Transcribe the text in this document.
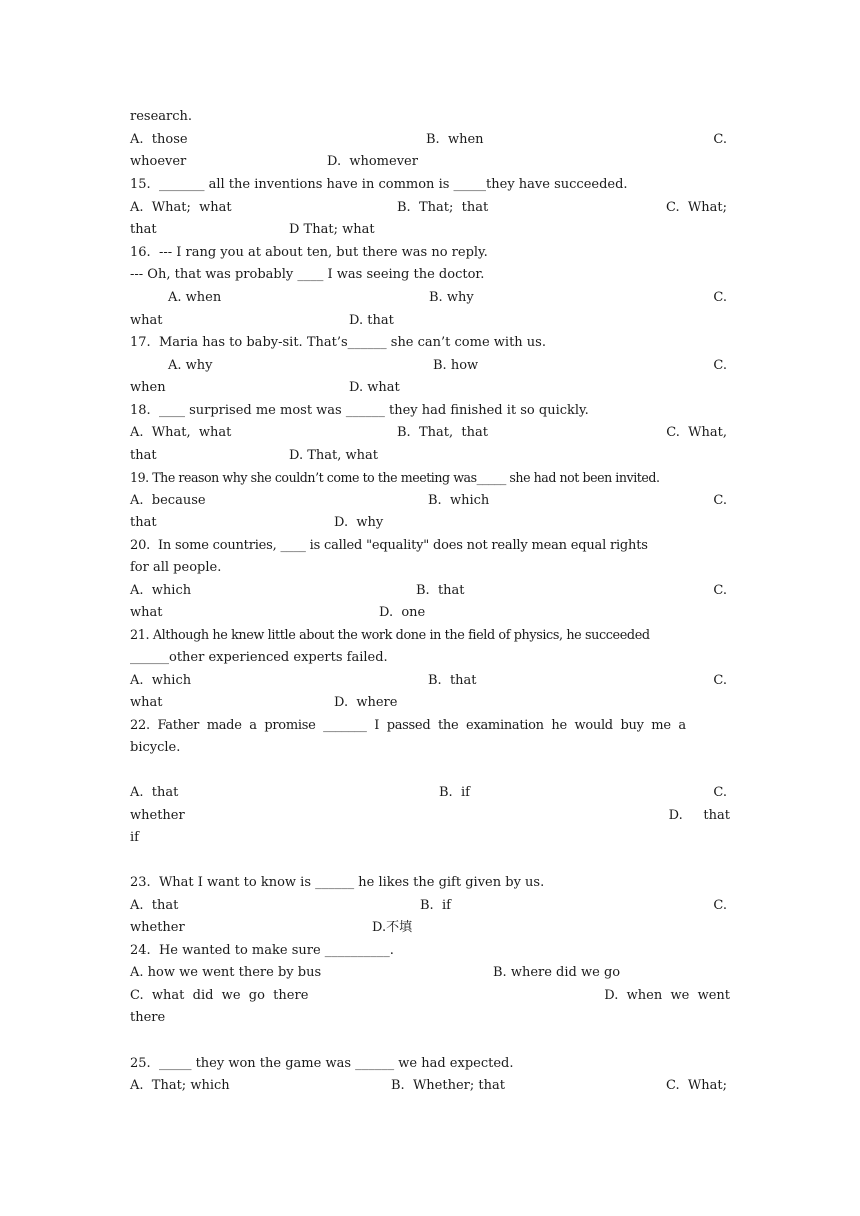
research.

A.  those

	B.  when

	C.

whoever

	D.  whomever

15.  _______ all the inventions have in common is _____they have succeeded.

A.  What;  what

	B.  That;  that

	C.  What;

that

	D That; what

16.  --- I rang you at about ten, but there was no reply.

--- Oh, that was probably ____ I was seeing the doctor.

A. when

	B. why

	C.

what

	D. that

17.  Maria has to baby-sit. That’s______ she can’t come with us.

A. why

	B. how

	C.

when

	D. what

18.  ____ surprised me most was ______ they had finished it so quickly.

A.  What,  what

	B.  That,  that

	C.  What,

that

	D. That, what

19. The reason why she couldn’t come to the meeting was_____ she had not been invited.

A.  because

	B.  which

	C.

that

	D.  why

20.  In some countries, ____ is called "equality" does not really mean equal rights

for all people.

A.  which

	B.  that

	C.

what

	D.  one

21. Although he knew little about the work done in the field of physics, he succeeded

______other experienced experts failed.

A.  which

	B.  that

	C.

what

	D.  where

22.  Father  made  a  promise  _______  I  passed  the  examination  he  would  buy  me  a

bicycle.

A.  that

	B.  if

	C.

whether

	D.     that

if

23.  What I want to know is ______ he likes the gift given by us.

A.  that

	B.  if

	C.

whether

	D.不填

24.  He wanted to make sure __________.

A. how we went there by bus

	B. where did we go

C.  what  did  we  go  there

	D.  when  we  went

there

25.  _____ they won the game was ______ we had expected.

A.  That; which

	B.  Whether; that

	C.  What;
